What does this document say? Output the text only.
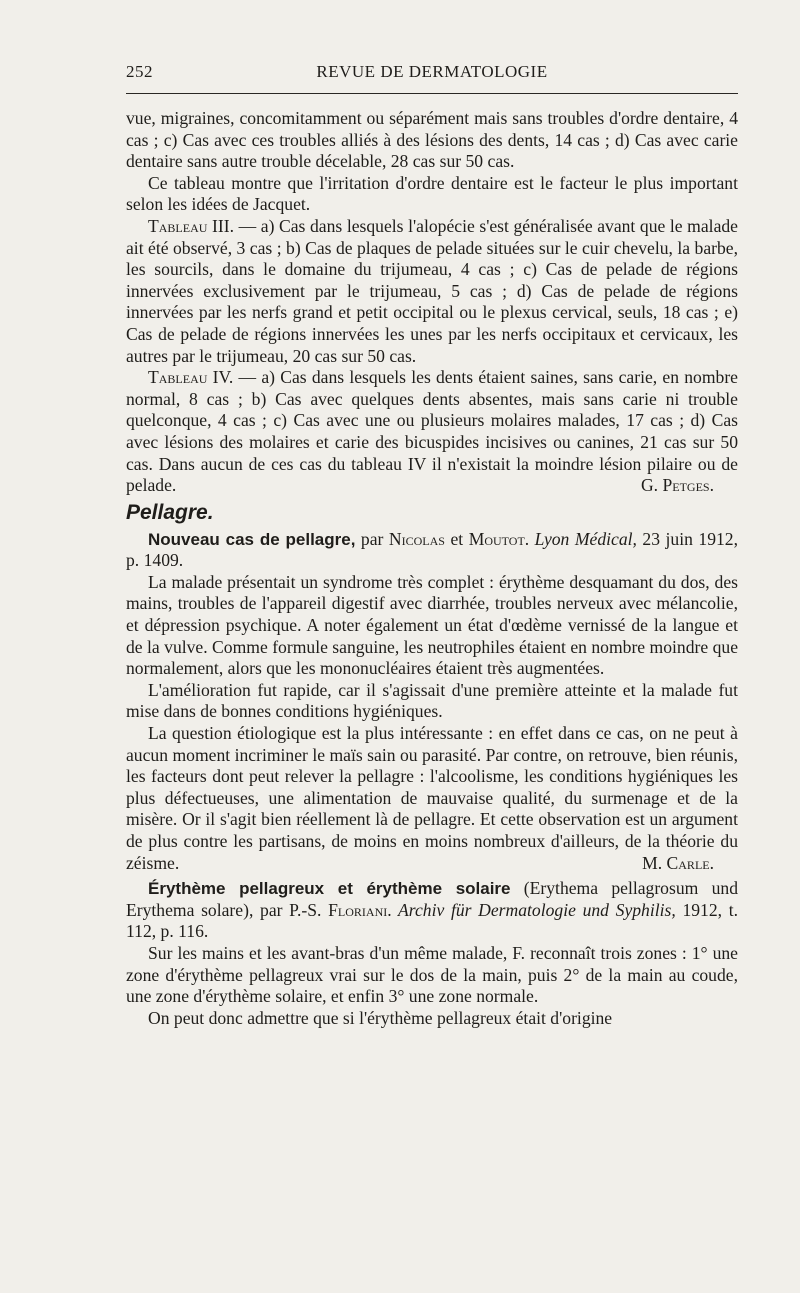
252	REVUE DE DERMATOLOGIE

vue, migraines, concomitamment ou séparément mais sans troubles d'ordre dentaire, 4 cas ; c) Cas avec ces troubles alliés à des lésions des dents, 14 cas ; d) Cas avec carie dentaire sans autre trouble décelable, 28 cas sur 50 cas.

Ce tableau montre que l'irritation d'ordre dentaire est le facteur le plus important selon les idées de Jacquet.

Tableau III. — a) Cas dans lesquels l'alopécie s'est généralisée avant que le malade ait été observé, 3 cas ; b) Cas de plaques de pelade situées sur le cuir chevelu, la barbe, les sourcils, dans le domaine du trijumeau, 4 cas ; c) Cas de pelade de régions innervées exclusivement par le trijumeau, 5 cas ; d) Cas de pelade de régions innervées par les nerfs grand et petit occipital ou le plexus cervical, seuls, 18 cas ; e) Cas de pelade de régions innervées les unes par les nerfs occipitaux et cervicaux, les autres par le trijumeau, 20 cas sur 50 cas.

Tableau IV. — a) Cas dans lesquels les dents étaient saines, sans carie, en nombre normal, 8 cas ; b) Cas avec quelques dents absentes, mais sans carie ni trouble quelconque, 4 cas ; c) Cas avec une ou plusieurs molaires malades, 17 cas ; d) Cas avec lésions des molaires et carie des bicuspides incisives ou canines, 21 cas sur 50 cas. Dans aucun de ces cas du tableau IV il n'existait la moindre lésion pilaire ou de pelade.	G. Petges.

Pellagre.

Nouveau cas de pellagre, par Nicolas et Moutot. Lyon Médical, 23 juin 1912, p. 1409.

La malade présentait un syndrome très complet : érythème desquamant du dos, des mains, troubles de l'appareil digestif avec diarrhée, troubles nerveux avec mélancolie, et dépression psychique. A noter également un état d'œdème vernissé de la langue et de la vulve. Comme formule sanguine, les neutrophiles étaient en nombre moindre que normalement, alors que les mononucléaires étaient très augmentées.

L'amélioration fut rapide, car il s'agissait d'une première atteinte et la malade fut mise dans de bonnes conditions hygiéniques.

La question étiologique est la plus intéressante : en effet dans ce cas, on ne peut à aucun moment incriminer le maïs sain ou parasité. Par contre, on retrouve, bien réunis, les facteurs dont peut relever la pellagre : l'alcoolisme, les conditions hygiéniques les plus défectueuses, une alimentation de mauvaise qualité, du surmenage et de la misère. Or il s'agit bien réellement là de pellagre. Et cette observation est un argument de plus contre les partisans, de moins en moins nombreux d'ailleurs, de la théorie du zéisme.	M. Carle.

Érythème pellagreux et érythème solaire (Erythema pellagrosum und Erythema solare), par P.-S. Floriani. Archiv für Dermatologie und Syphilis, 1912, t. 112, p. 116.

Sur les mains et les avant-bras d'un même malade, F. reconnaît trois zones : 1° une zone d'érythème pellagreux vrai sur le dos de la main, puis 2° de la main au coude, une zone d'érythème solaire, et enfin 3° une zone normale.

On peut donc admettre que si l'érythème pellagreux était d'origine
